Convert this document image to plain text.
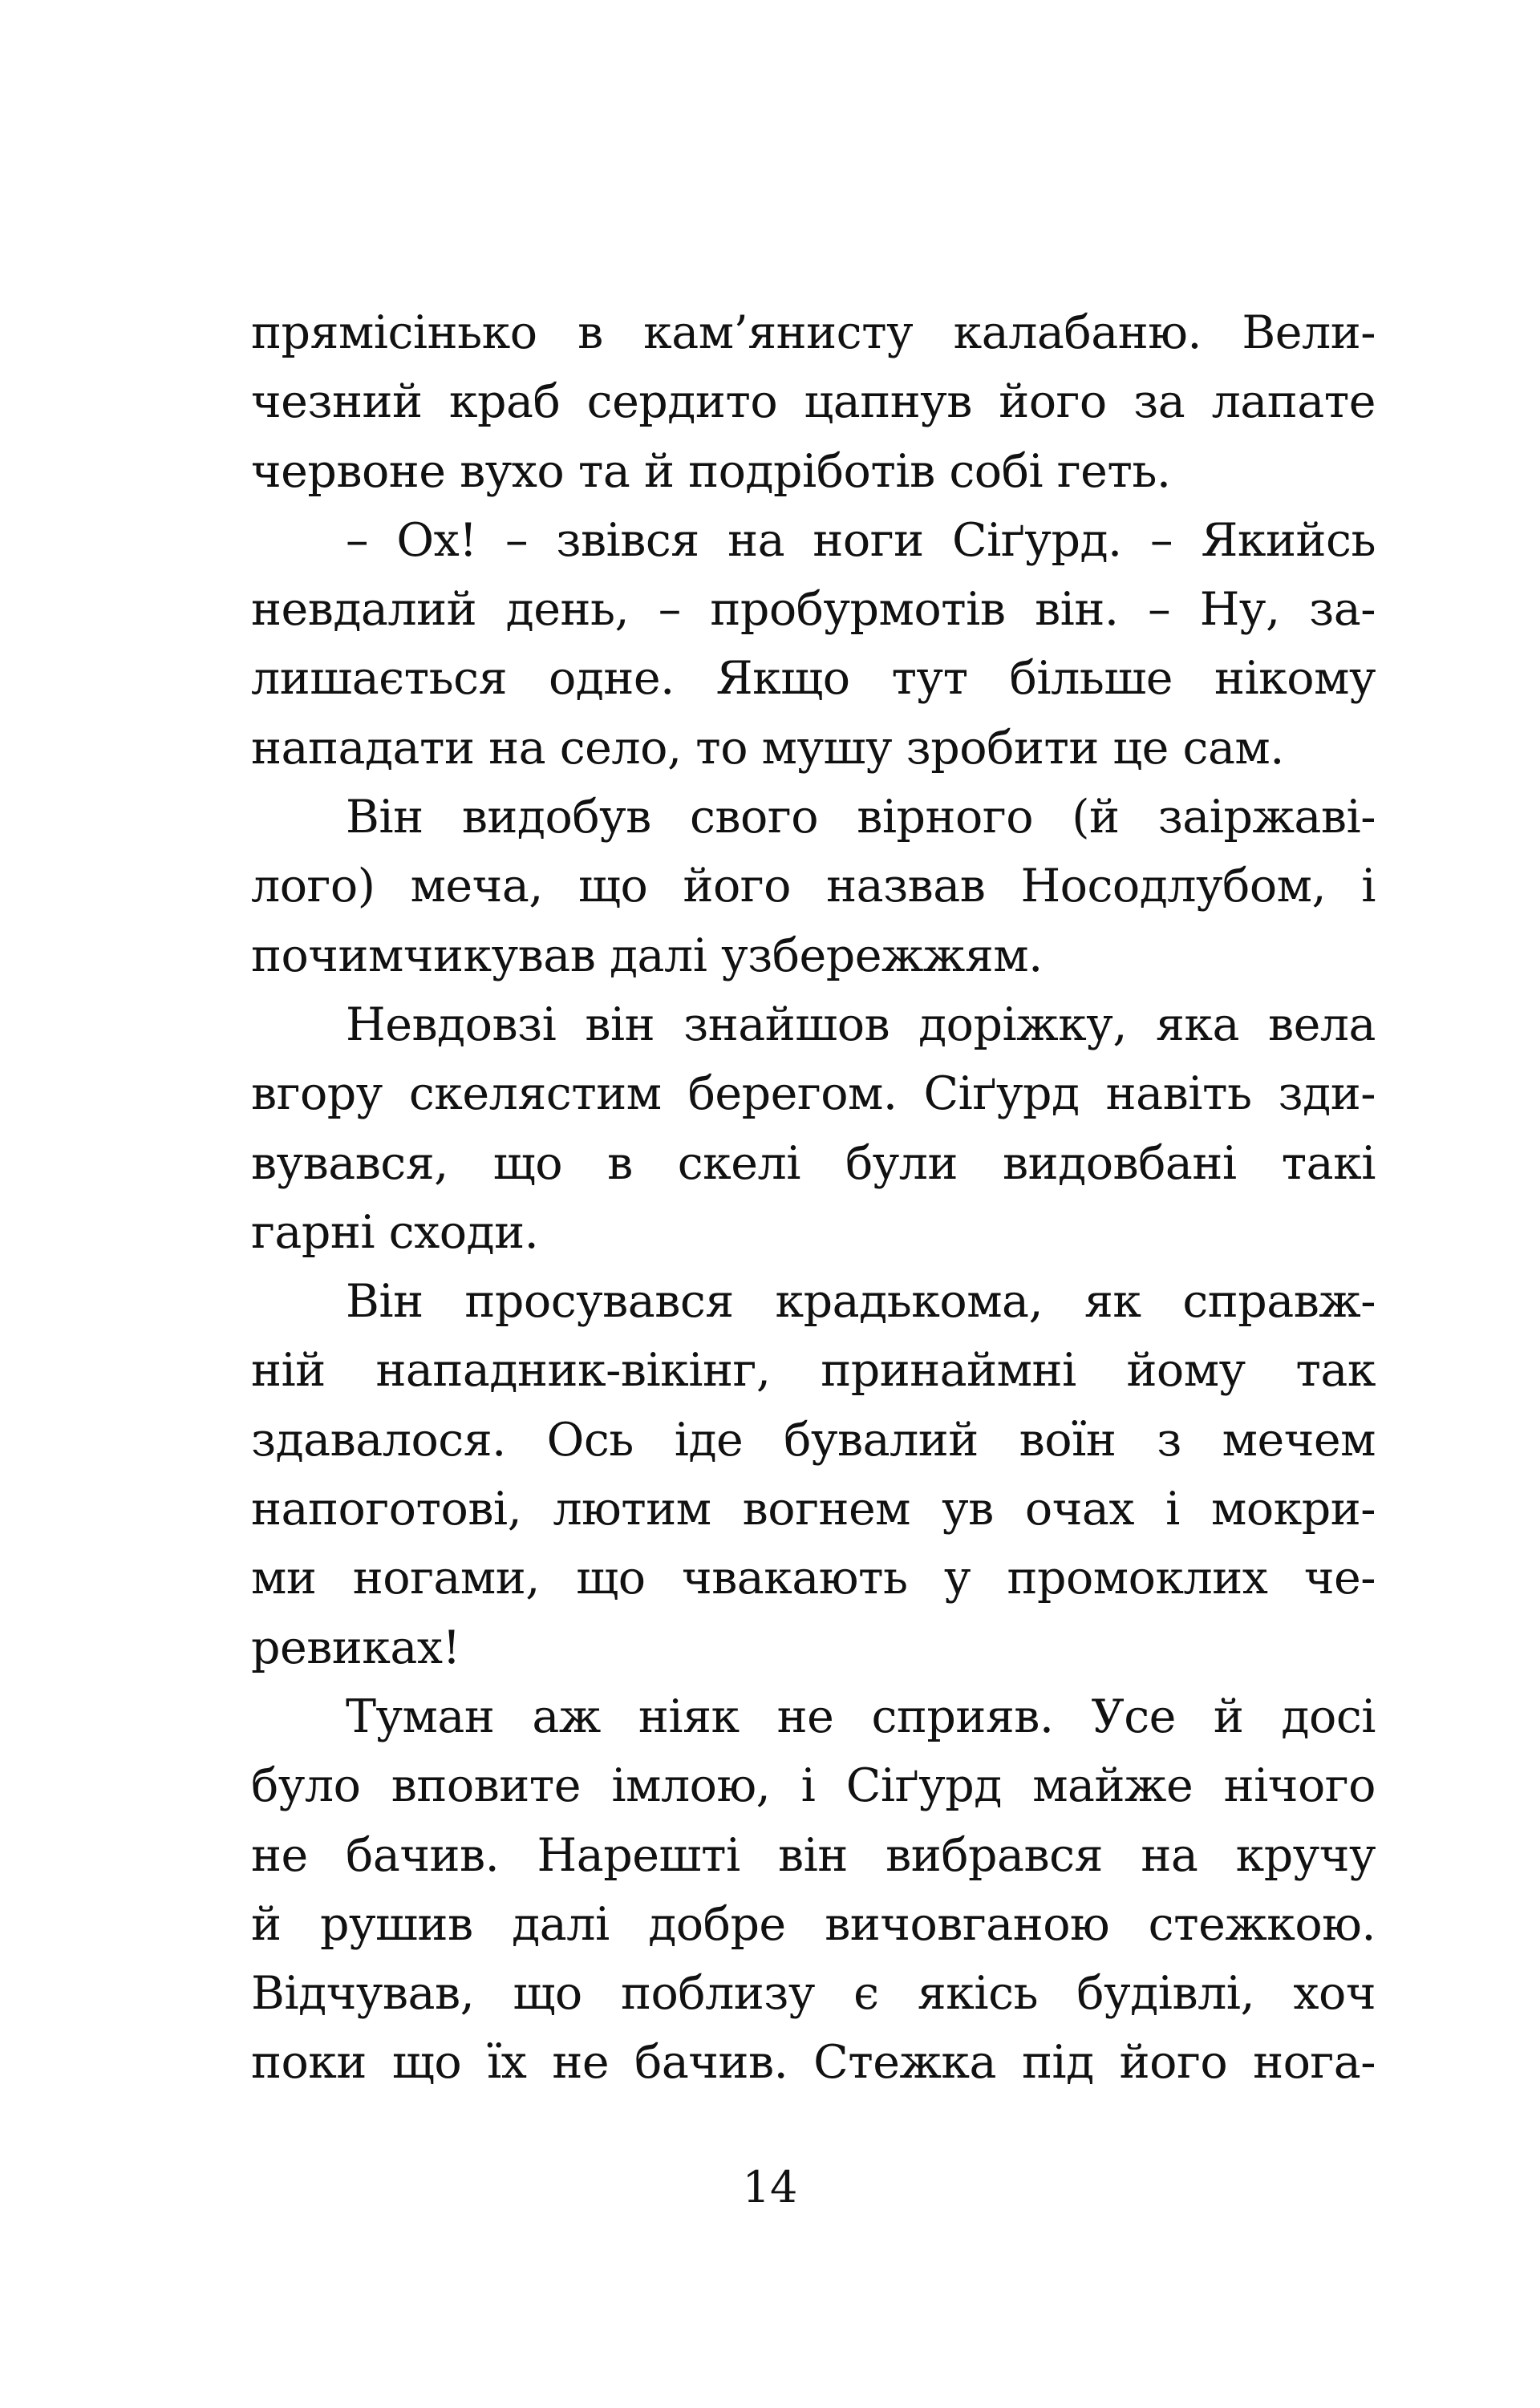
прямісінько в кам’янисту калабаню. Вели-
чезний краб сердито цапнув його за лапате
червоне вухо та й подріботів собі геть.
– Ох! – звівся на ноги Сіґурд. – Якийсь
невдалий день, – пробурмотів він. – Ну, за-
лишається одне. Якщо тут більше нікому
нападати на село, то мушу зробити це сам.
Він видобув свого вірного (й заіржаві-
лого) меча, що його назвав Носодлубом, і
почимчикував далі узбережжям.
Невдовзі він знайшов доріжку, яка вела
вгору скелястим берегом. Сіґурд навіть зди-
вувався, що в скелі були видовбані такі
гарні сходи.
Він просувався крадькома, як справж-
ній нападник-вікінг, принаймні йому так
здавалося. Ось іде бувалий воїн з мечем
напоготові, лютим вогнем ув очах і мокри-
ми ногами, що чвакають у промоклих че-
ревиках!
Туман аж ніяк не сприяв. Усе й досі
було вповите імлою, і Сіґурд майже нічого
не бачив. Нарешті він вибрався на кручу
й рушив далі добре вичовганою стежкою.
Відчував, що поблизу є якісь будівлі, хоч
поки що їх не бачив. Стежка під його нога-
14
